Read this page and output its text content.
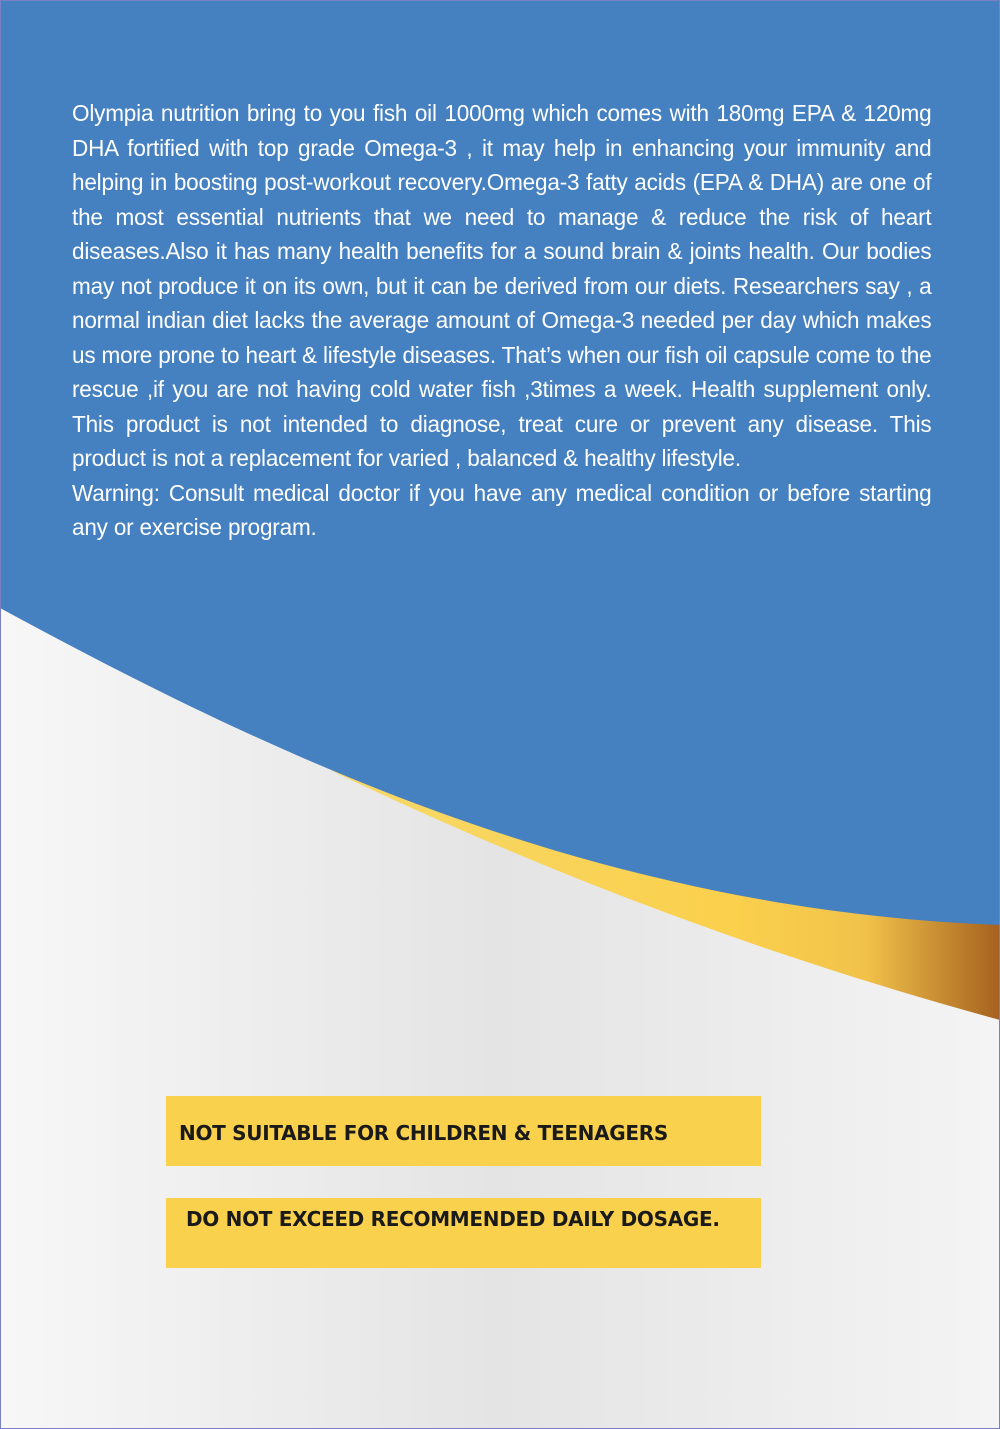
Olympia nutrition bring to you fish oil 1000mg which comes with 180mg EPA & 120mg DHA fortified with top grade Omega-3 , it may help in enhancing your immunity and helping in boosting post-workout recovery.Omega-3 fatty acids (EPA & DHA) are one of the most essential nutrients that we need to manage & reduce the risk of heart diseases.Also it has many health benefits for a sound brain & joints health. Our bodies may not produce it on its own, but it can be derived from our diets. Researchers say , a normal indian diet lacks the average amount of Omega-3 needed per day which makes us more prone to heart & lifestyle diseases. That’s when our fish oil capsule come to the rescue ,if you are not having cold water fish ,3times a week. Health supplement only. This product is not intended to diagnose, treat cure or prevent any disease. This product is not a replacement for varied , balanced & healthy lifestyle.

Warning: Consult medical doctor if you have any medical condition or before starting any or exercise program.

NOT SUITABLE FOR CHILDREN & TEENAGERS
DO NOT EXCEED RECOMMENDED DAILY DOSAGE.
